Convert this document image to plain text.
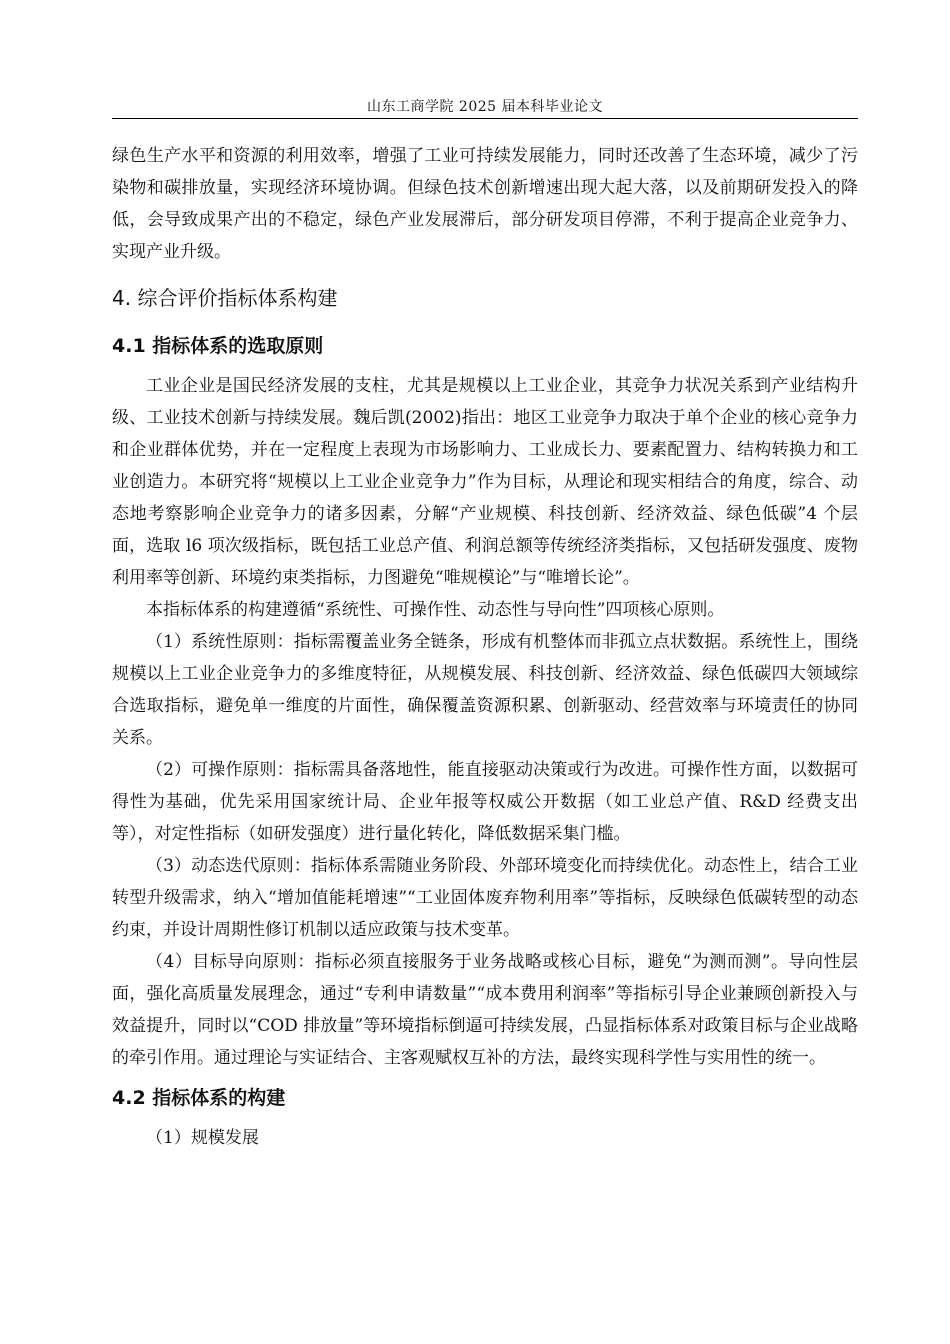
山东工商学院 2025 届本科毕业论文

绿色生产水平和资源的利用效率，增强了工业可持续发展能力，同时还改善了生态环境，减少了污染物和碳排放量，实现经济环境协调。但绿色技术创新增速出现大起大落，以及前期研发投入的降低，会导致成果产出的不稳定，绿色产业发展滞后，部分研发项目停滞，不利于提高企业竞争力、实现产业升级。

4. 综合评价指标体系构建
4.1 指标体系的选取原则

工业企业是国民经济发展的支柱，尤其是规模以上工业企业，其竞争力状况关系到产业结构升级、工业技术创新与持续发展。魏后凯(2002)指出：地区工业竞争力取决于单个企业的核心竞争力和企业群体优势，并在一定程度上表现为市场影响力、工业成长力、要素配置力、结构转换力和工业创造力。本研究将“规模以上工业企业竞争力”作为目标，从理论和现实相结合的角度，综合、动态地考察影响企业竞争力的诸多因素，分解“产业规模、科技创新、经济效益、绿色低碳”4 个层面，选取 l6 项次级指标，既包括工业总产值、利润总额等传统经济类指标，又包括研发强度、废物利用率等创新、环境约束类指标，力图避免“唯规模论”与“唯增长论”。

本指标体系的构建遵循“系统性、可操作性、动态性与导向性”四项核心原则。

（1）系统性原则：指标需覆盖业务全链条，形成有机整体而非孤立点状数据。系统性上，围绕规模以上工业企业竞争力的多维度特征，从规模发展、科技创新、经济效益、绿色低碳四大领域综合选取指标，避免单一维度的片面性，确保覆盖资源积累、创新驱动、经营效率与环境责任的协同关系。

（2）可操作原则：指标需具备落地性，能直接驱动决策或行为改进。可操作性方面，以数据可得性为基础，优先采用国家统计局、企业年报等权威公开数据（如工业总产值、R&D 经费支出等），对定性指标（如研发强度）进行量化转化，降低数据采集门槛。

（3）动态迭代原则：指标体系需随业务阶段、外部环境变化而持续优化。动态性上，结合工业转型升级需求，纳入“增加值能耗增速”“工业固体废弃物利用率”等指标，反映绿色低碳转型的动态约束，并设计周期性修订机制以适应政策与技术变革。

（4）目标导向原则：指标必须直接服务于业务战略或核心目标，避免“为测而测”。导向性层面，强化高质量发展理念，通过“专利申请数量”“成本费用利润率”等指标引导企业兼顾创新投入与效益提升，同时以“COD 排放量”等环境指标倒逼可持续发展，凸显指标体系对政策目标与企业战略的牵引作用。通过理论与实证结合、主客观赋权互补的方法，最终实现科学性与实用性的统一。

4.2 指标体系的构建

（1）规模发展
